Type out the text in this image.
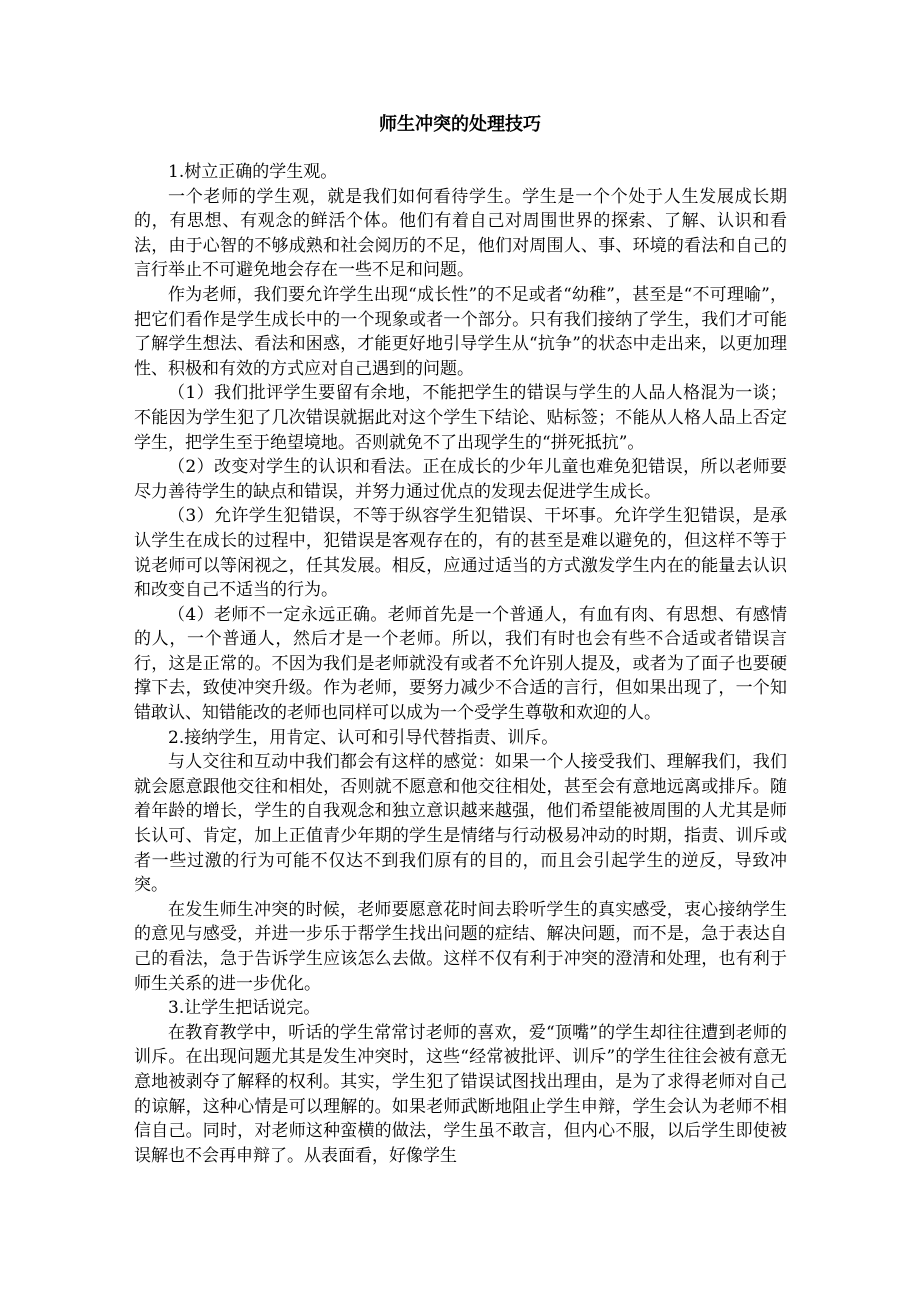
师生冲突的处理技巧

1.树立正确的学生观。

一个老师的学生观，就是我们如何看待学生。学生是一个个处于人生发展成长期的，有思想、有观念的鲜活个体。他们有着自己对周围世界的探索、了解、认识和看法，由于心智的不够成熟和社会阅历的不足，他们对周围人、事、环境的看法和自己的言行举止不可避免地会存在一些不足和问题。

作为老师，我们要允许学生出现“成长性”的不足或者“幼稚”，甚至是“不可理喻”，把它们看作是学生成长中的一个现象或者一个部分。只有我们接纳了学生，我们才可能了解学生想法、看法和困惑，才能更好地引导学生从“抗争”的状态中走出来，以更加理性、积极和有效的方式应对自己遇到的问题。

（1）我们批评学生要留有余地，不能把学生的错误与学生的人品人格混为一谈；不能因为学生犯了几次错误就据此对这个学生下结论、贴标签；不能从人格人品上否定学生，把学生至于绝望境地。否则就免不了出现学生的“拼死抵抗”。

（2）改变对学生的认识和看法。正在成长的少年儿童也难免犯错误，所以老师要尽力善待学生的缺点和错误，并努力通过优点的发现去促进学生成长。

（3）允许学生犯错误，不等于纵容学生犯错误、干坏事。允许学生犯错误，是承认学生在成长的过程中，犯错误是客观存在的，有的甚至是难以避免的，但这样不等于说老师可以等闲视之，任其发展。相反，应通过适当的方式激发学生内在的能量去认识和改变自己不适当的行为。

（4）老师不一定永远正确。老师首先是一个普通人，有血有肉、有思想、有感情的人，一个普通人，然后才是一个老师。所以，我们有时也会有些不合适或者错误言行，这是正常的。不因为我们是老师就没有或者不允许别人提及，或者为了面子也要硬撑下去，致使冲突升级。作为老师，要努力减少不合适的言行，但如果出现了，一个知错敢认、知错能改的老师也同样可以成为一个受学生尊敬和欢迎的人。

2.接纳学生，用肯定、认可和引导代替指责、训斥。

与人交往和互动中我们都会有这样的感觉：如果一个人接受我们、理解我们，我们就会愿意跟他交往和相处，否则就不愿意和他交往相处，甚至会有意地远离或排斥。随着年龄的增长，学生的自我观念和独立意识越来越强，他们希望能被周围的人尤其是师长认可、肯定，加上正值青少年期的学生是情绪与行动极易冲动的时期，指责、训斥或者一些过激的行为可能不仅达不到我们原有的目的，而且会引起学生的逆反，导致冲突。

在发生师生冲突的时候，老师要愿意花时间去聆听学生的真实感受，衷心接纳学生的意见与感受，并进一步乐于帮学生找出问题的症结、解决问题，而不是，急于表达自己的看法，急于告诉学生应该怎么去做。这样不仅有利于冲突的澄清和处理，也有利于师生关系的进一步优化。

3.让学生把话说完。

在教育教学中，听话的学生常常讨老师的喜欢，爱“顶嘴”的学生却往往遭到老师的训斥。在出现问题尤其是发生冲突时，这些“经常被批评、训斥”的学生往往会被有意无意地被剥夺了解释的权利。其实，学生犯了错误试图找出理由，是为了求得老师对自己的谅解，这种心情是可以理解的。如果老师武断地阻止学生申辩，学生会认为老师不相信自己。同时，对老师这种蛮横的做法，学生虽不敢言，但内心不服，以后学生即使被误解也不会再申辩了。从表面看，好像学生
